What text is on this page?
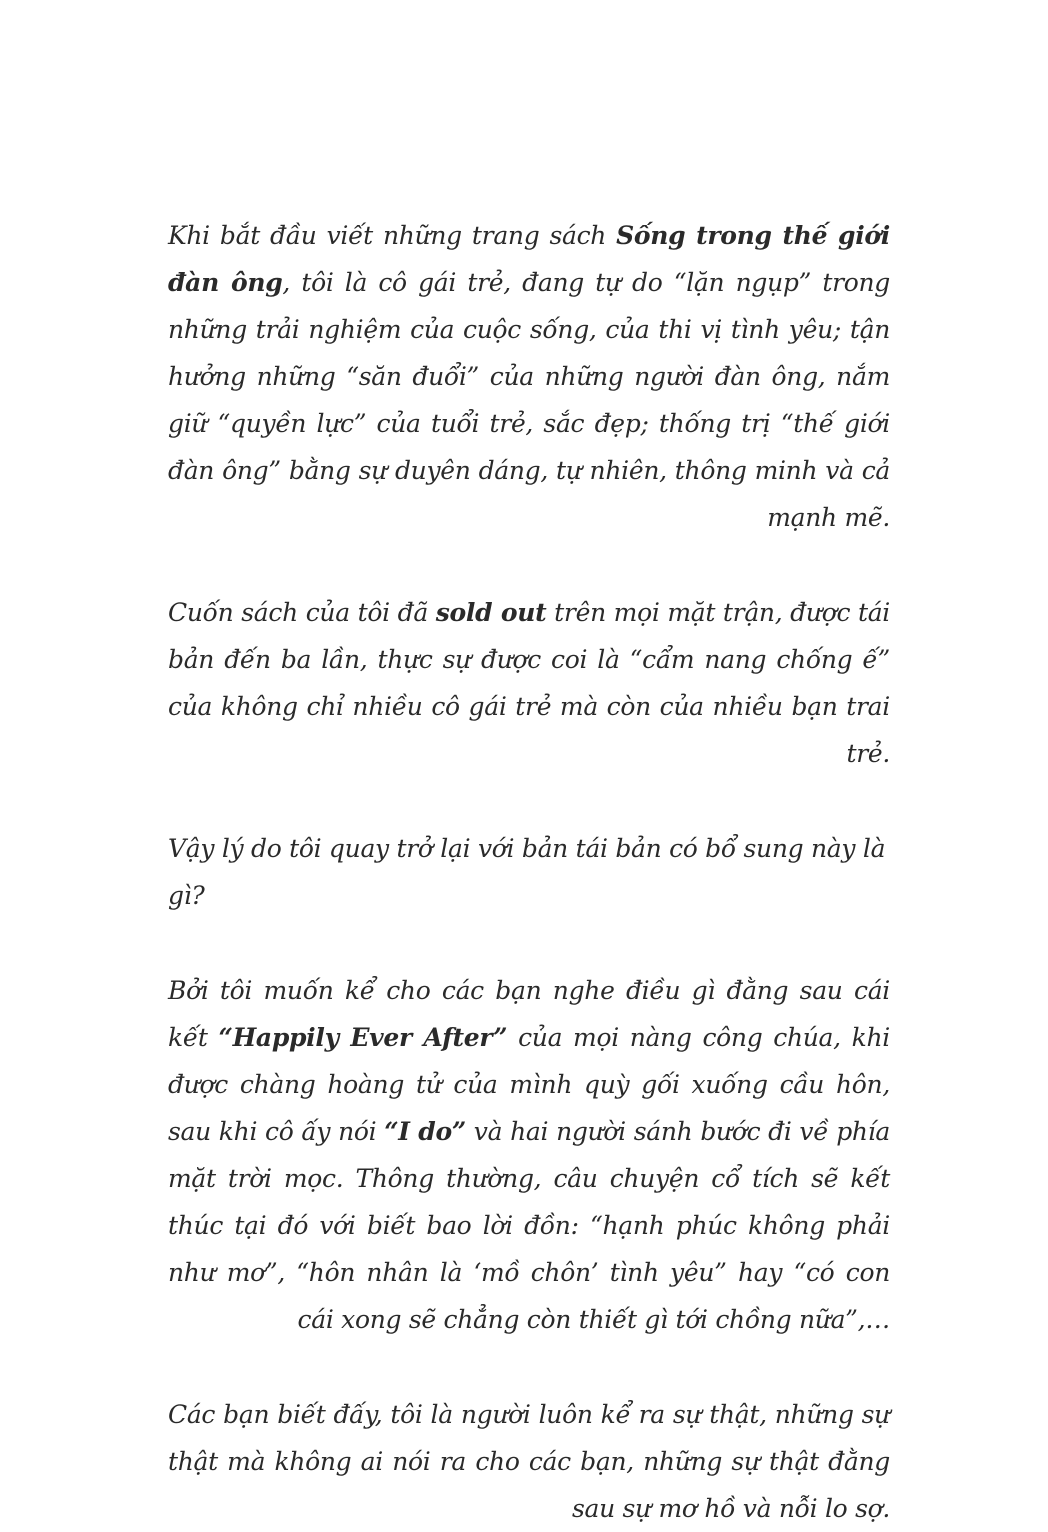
Khi bắt đầu viết những trang sách Sống trong thế giới đàn ông, tôi là cô gái trẻ, đang tự do “lặn ngụp” trong những trải nghiệm của cuộc sống, của thi vị tình yêu; tận hưởng những “săn đuổi” của những người đàn ông, nắm giữ “quyền lực” của tuổi trẻ, sắc đẹp; thống trị “thế giới đàn ông” bằng sự duyên dáng, tự nhiên, thông minh và cả mạnh mẽ.

Cuốn sách của tôi đã sold out trên mọi mặt trận, được tái bản đến ba lần, thực sự được coi là “cẩm nang chống ế” của không chỉ nhiều cô gái trẻ mà còn của nhiều bạn trai trẻ.

Vậy lý do tôi quay trở lại với bản tái bản có bổ sung này là gì?

Bởi tôi muốn kể cho các bạn nghe điều gì đằng sau cái kết “Happily Ever After” của mọi nàng công chúa, khi được chàng hoàng tử của mình quỳ gối xuống cầu hôn, sau khi cô ấy nói “I do” và hai người sánh bước đi về phía mặt trời mọc. Thông thường, câu chuyện cổ tích sẽ kết thúc tại đó với biết bao lời đồn: “hạnh phúc không phải như mơ”, “hôn nhân là ‘mồ chôn’ tình yêu” hay “có con cái xong sẽ chẳng còn thiết gì tới chồng nữa”,…

Các bạn biết đấy, tôi là người luôn kể ra sự thật, những sự thật mà không ai nói ra cho các bạn, những sự thật đằng sau sự mơ hồ và nỗi lo sợ.
